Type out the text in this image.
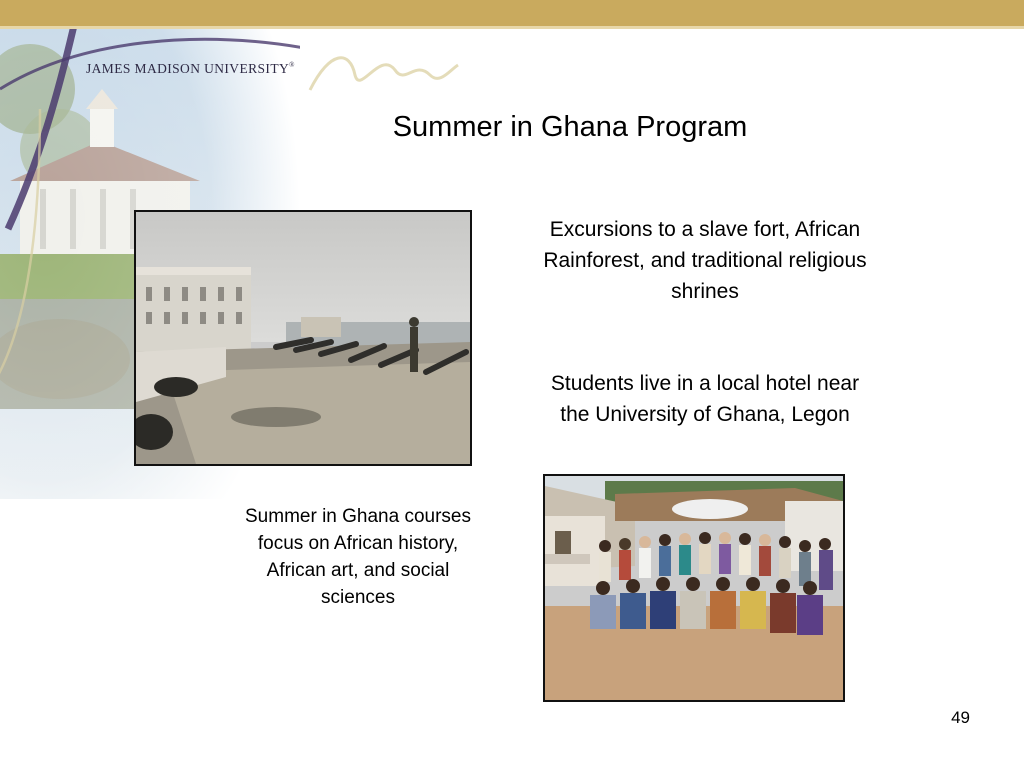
JAMES MADISON UNIVERSITY®
Summer in Ghana Program
Excursions to a slave fort, African Rainforest, and traditional religious shrines
Students live in a local hotel near the University of Ghana, Legon
Summer in Ghana courses focus on African history, African art, and social sciences
49
